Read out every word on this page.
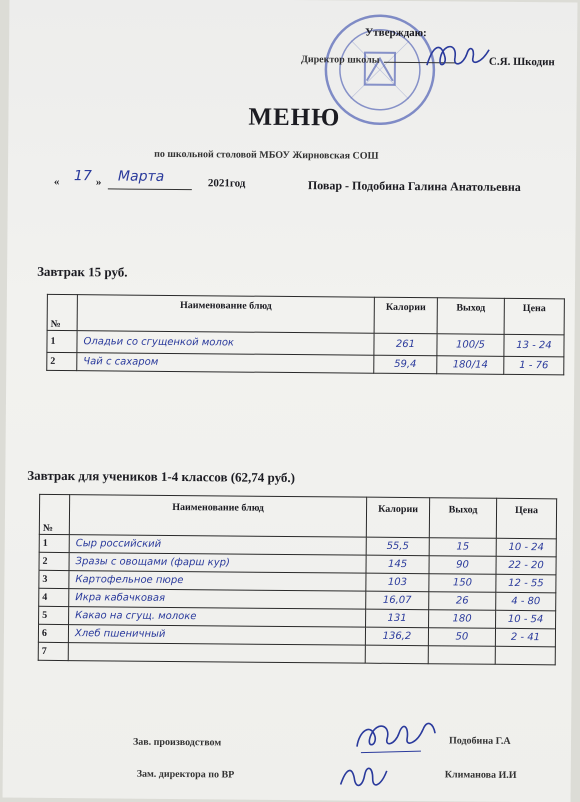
Утверждаю:
Директор школы	С.Я. Шкодин
МЕНЮ
по школьной столовой МБОУ Жирновская СОШ
« 17 » Марта	2021год	Повар - Подобина Галина Анатольевна
Завтрак 15 руб.
№	Наименование блюд	Калории	Выход	Цена
1	Оладьи со сгущенкой молок	261	100/5	13 - 24
2	Чай с сахаром	59,4	180/14	1 - 76
Завтрак для учеников 1-4 классов (62,74 руб.)
№	Наименование блюд	Калории	Выход	Цена
1	Сыр российский	55,5	15	10 - 24
2	Зразы с овощами (фарш кур)	145	90	22 - 20
3	Картофельное пюре	103	150	12 - 55
4	Икра кабачковая	16,07	26	4 - 80
5	Какао на сгущ. молоке	131	180	10 - 54
6	Хлеб пшеничный	136,2	50	2 - 41
7				
Зав. производством	Подобина Г.А
Зам. директора по ВР	Климанова И.И
